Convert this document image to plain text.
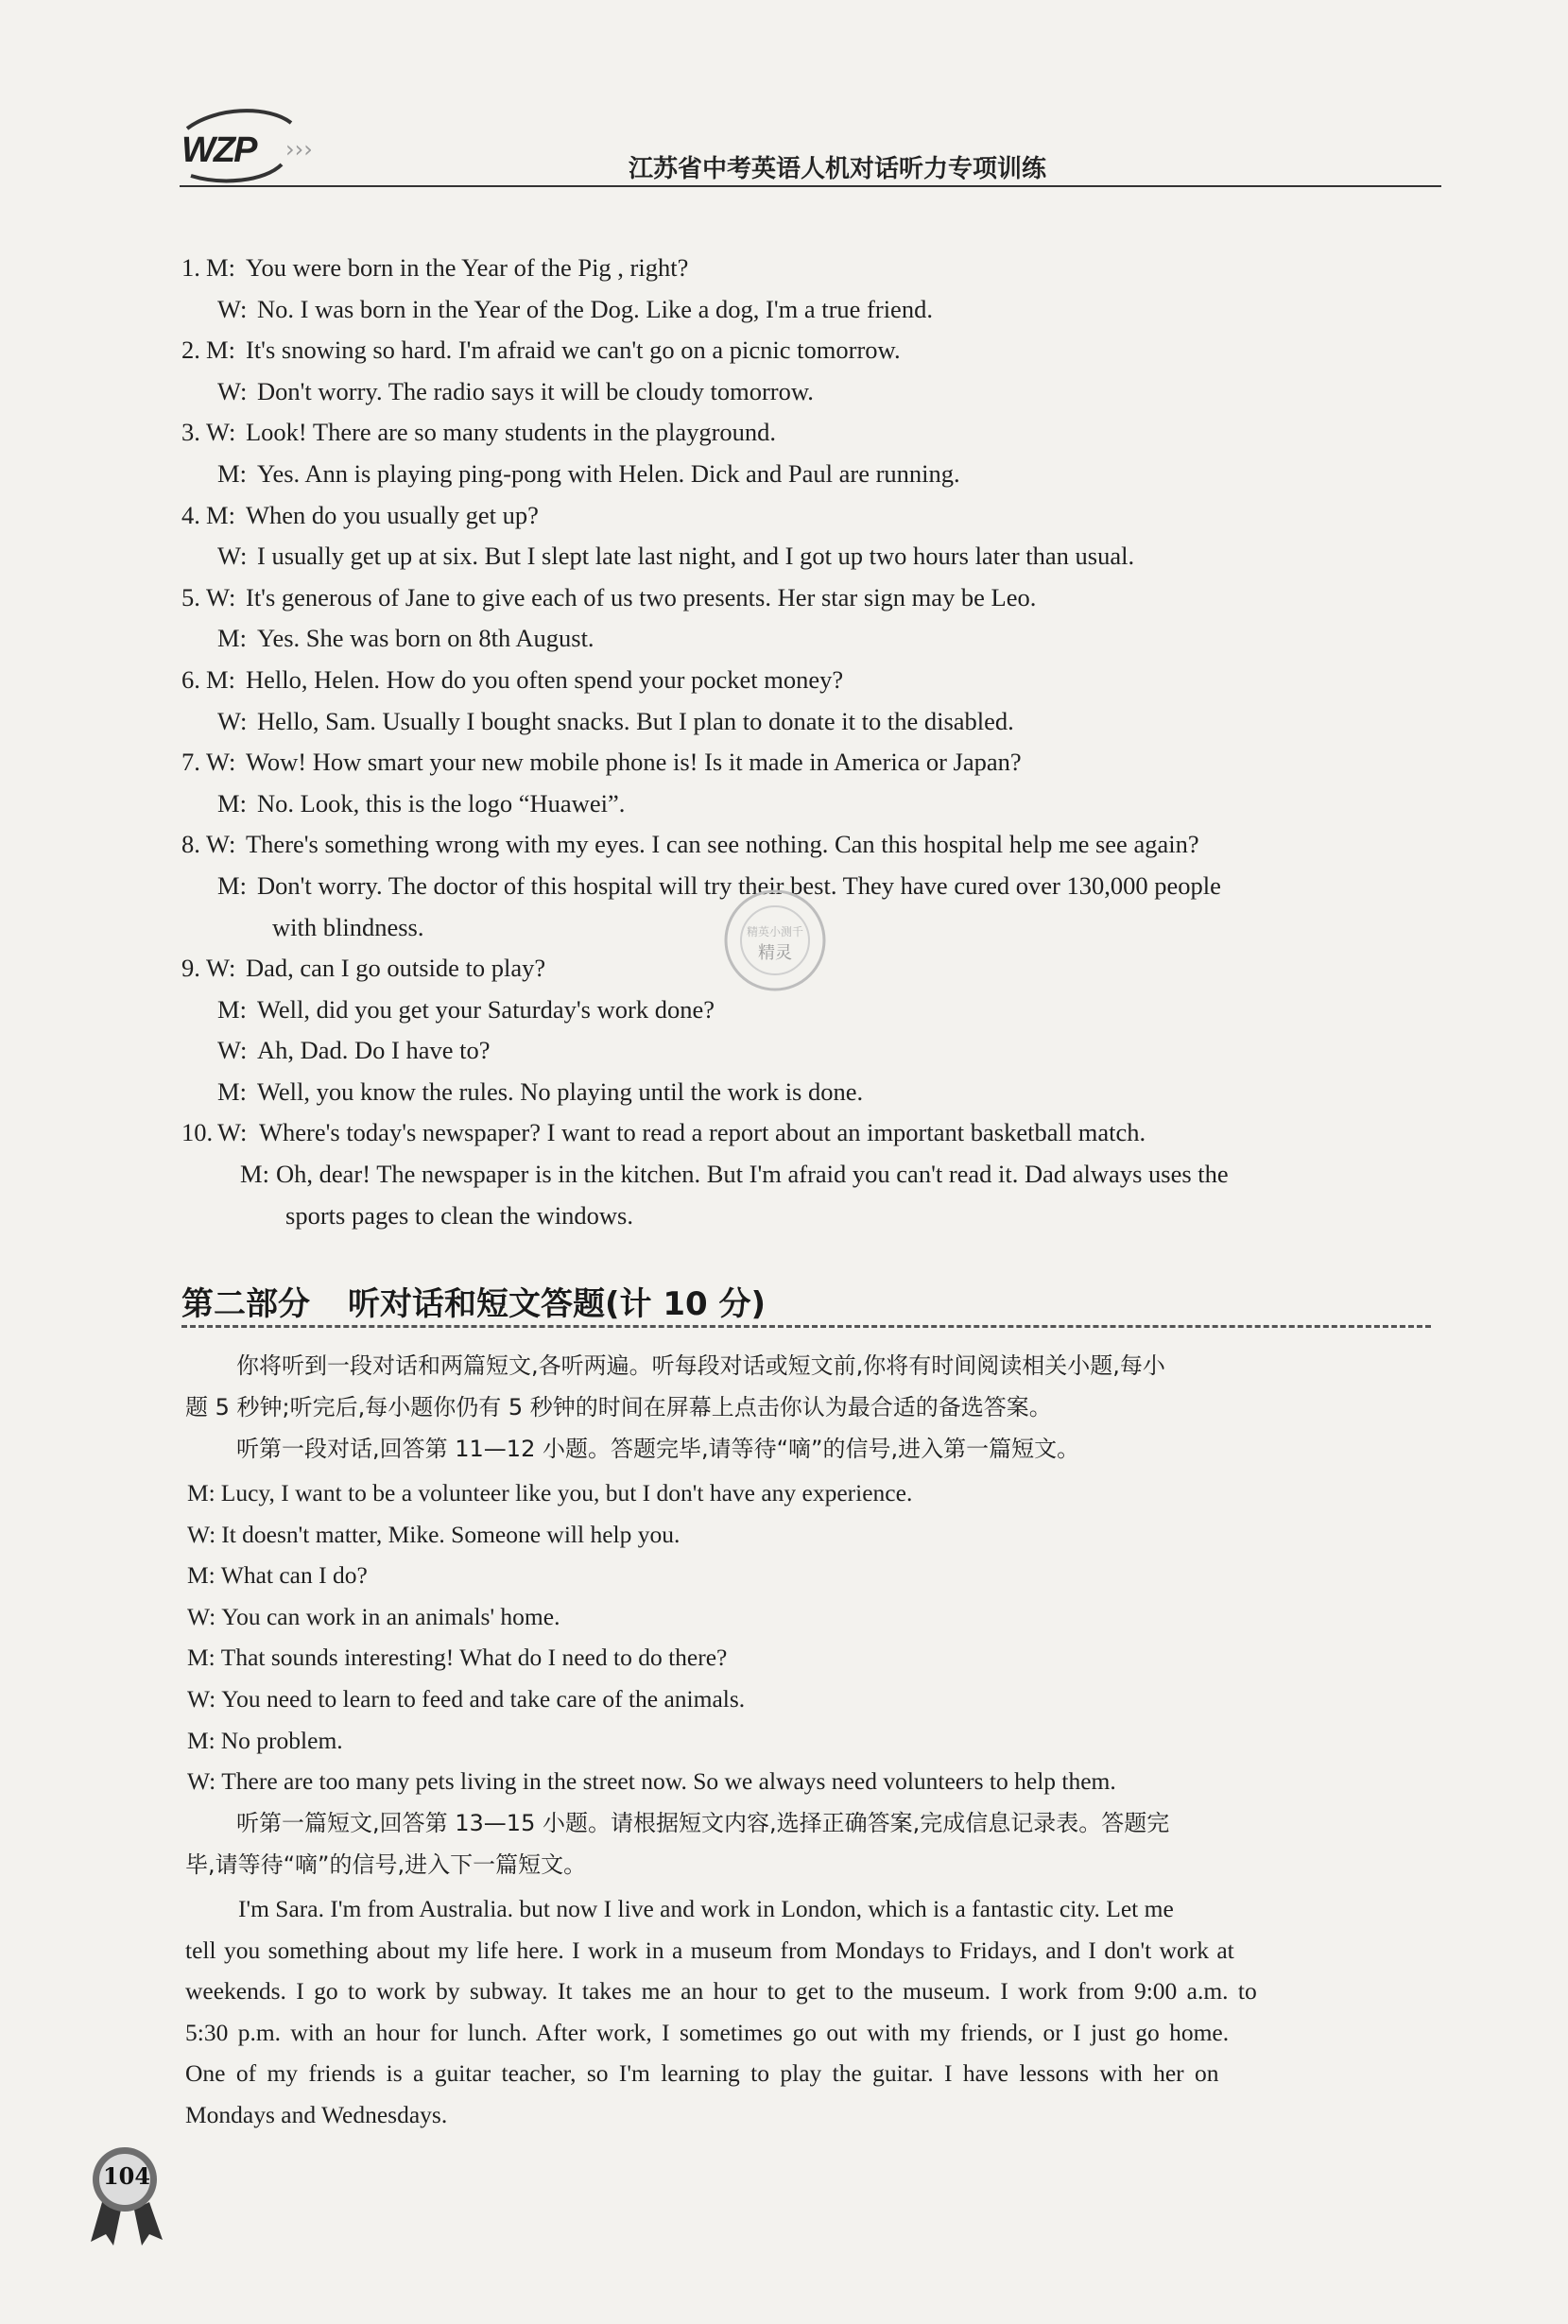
WZP ›››
江苏省中考英语人机对话听力专项训练
1. M: You were born in the Year of the Pig , right?
W: No. I was born in the Year of the Dog. Like a dog, I'm a true friend.
2. M: It's snowing so hard. I'm afraid we can't go on a picnic tomorrow.
W: Don't worry. The radio says it will be cloudy tomorrow.
3. W: Look! There are so many students in the playground.
M: Yes. Ann is playing ping-pong with Helen. Dick and Paul are running.
4. M: When do you usually get up?
W: I usually get up at six. But I slept late last night, and I got up two hours later than usual.
5. W: It's generous of Jane to give each of us two presents. Her star sign may be Leo.
M: Yes. She was born on 8th August.
6. M: Hello, Helen. How do you often spend your pocket money?
W: Hello, Sam. Usually I bought snacks. But I plan to donate it to the disabled.
7. W: Wow! How smart your new mobile phone is! Is it made in America or Japan?
M: No. Look, this is the logo “Huawei”.
8. W: There's something wrong with my eyes. I can see nothing. Can this hospital help me see again?
M: Don't worry. The doctor of this hospital will try their best. They have cured over 130,000 people
with blindness.
9. W: Dad, can I go outside to play?
M: Well, did you get your Saturday's work done?
W: Ah, Dad. Do I have to?
M: Well, you know the rules. No playing until the work is done.
10. W: Where's today's newspaper? I want to read a report about an important basketball match.
M: Oh, dear! The newspaper is in the kitchen. But I'm afraid you can't read it. Dad always uses the
sports pages to clean the windows.
第二部分 听对话和短文答题(计 10 分)
你将听到一段对话和两篇短文,各听两遍。听每段对话或短文前,你将有时间阅读相关小题,每小
题 5 秒钟;听完后,每小题你仍有 5 秒钟的时间在屏幕上点击你认为最合适的备选答案。
听第一段对话,回答第 11—12 小题。答题完毕,请等待“嘀”的信号,进入第一篇短文。
M: Lucy, I want to be a volunteer like you, but I don't have any experience.
W: It doesn't matter, Mike. Someone will help you.
M: What can I do?
W: You can work in an animals' home.
M: That sounds interesting! What do I need to do there?
W: You need to learn to feed and take care of the animals.
M: No problem.
W: There are too many pets living in the street now. So we always need volunteers to help them.
听第一篇短文,回答第 13—15 小题。请根据短文内容,选择正确答案,完成信息记录表。答题完
毕,请等待“嘀”的信号,进入下一篇短文。
I'm Sara. I'm from Australia. but now I live and work in London, which is a fantastic city. Let me
tell you something about my life here. I work in a museum from Mondays to Fridays, and I don't work at
weekends. I go to work by subway. It takes me an hour to get to the museum. I work from 9:00 a.m. to
5:30 p.m. with an hour for lunch. After work, I sometimes go out with my friends, or I just go home.
One of my friends is a guitar teacher, so I'm learning to play the guitar. I have lessons with her on
Mondays and Wednesdays.
精英小测千
精灵
104
